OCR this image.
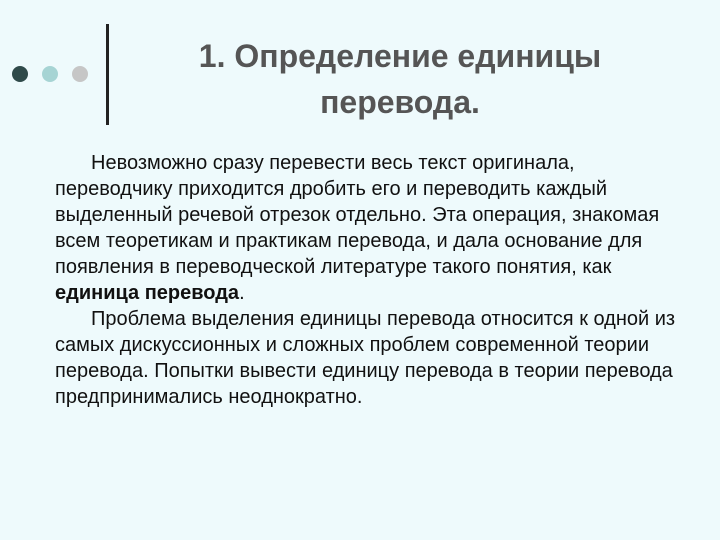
1. Определение единицы перевода.

Невозможно сразу перевести весь текст оригинала, переводчику приходится дробить его и переводить каждый выделенный речевой отрезок отдельно. Эта операция, знакомая всем теоретикам и практикам перевода, и дала основание для появления в переводческой литературе такого понятия, как единица перевода.

Проблема выделения единицы перевода относится к одной из самых дискуссионных и сложных проблем современной теории перевода. Попытки вывести единицу перевода в теории перевода предпринимались неоднократно.
